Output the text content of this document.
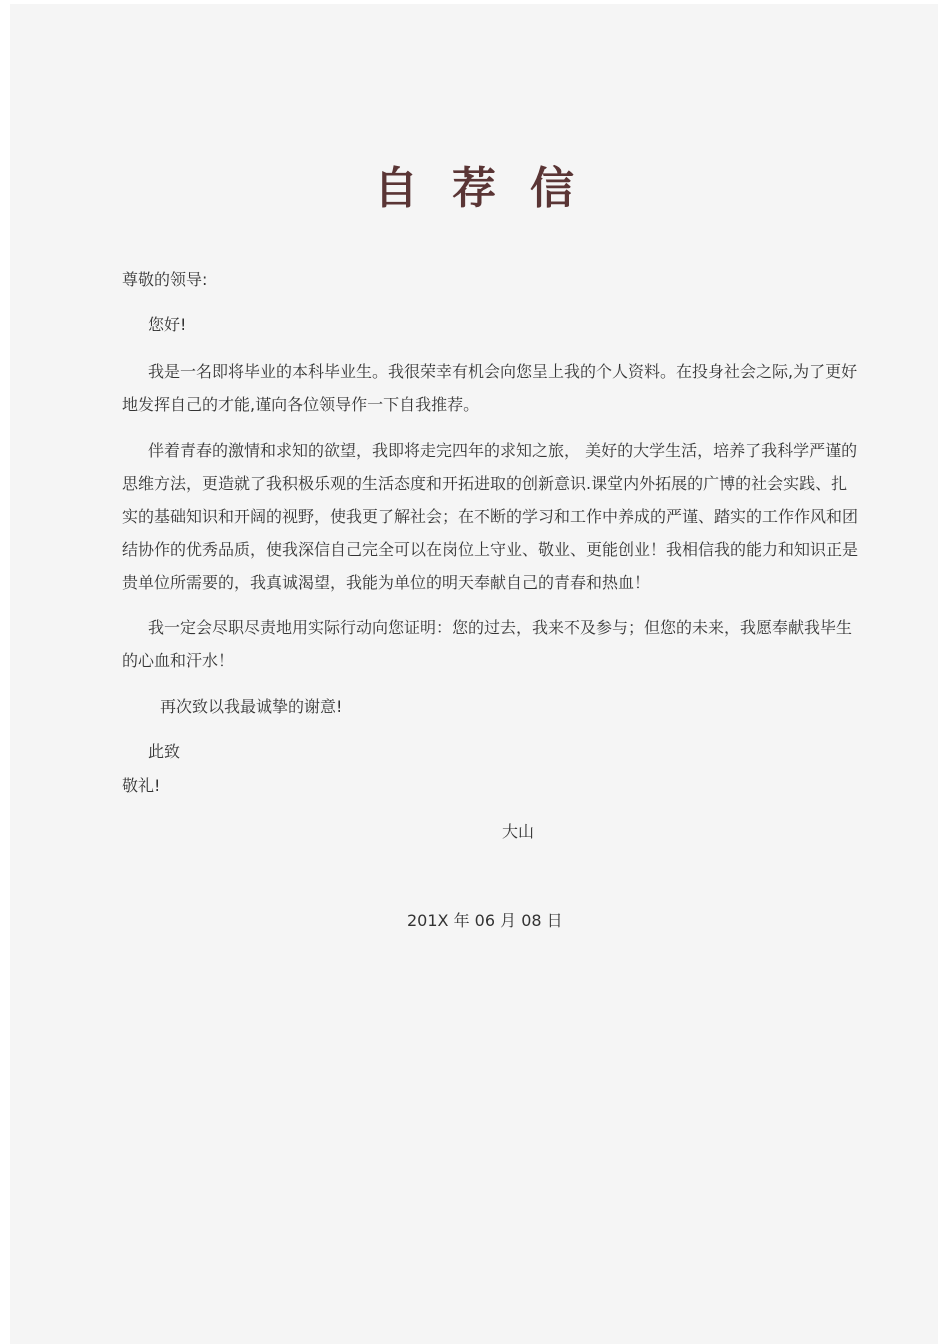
自荐信

尊敬的领导:

您好!

我是一名即将毕业的本科毕业生。我很荣幸有机会向您呈上我的个人资料。在投身社会之际,为了更好地发挥自己的才能,谨向各位领导作一下自我推荐。

伴着青春的激情和求知的欲望，我即将走完四年的求知之旅， 美好的大学生活，培养了我科学严谨的思维方法，更造就了我积极乐观的生活态度和开拓进取的创新意识.课堂内外拓展的广博的社会实践、扎实的基础知识和开阔的视野，使我更了解社会；在不断的学习和工作中养成的严谨、踏实的工作作风和团结协作的优秀品质，使我深信自己完全可以在岗位上守业、敬业、更能创业！我相信我的能力和知识正是贵单位所需要的，我真诚渴望，我能为单位的明天奉献自己的青春和热血！

我一定会尽职尽责地用实际行动向您证明：您的过去，我来不及参与；但您的未来，我愿奉献我毕生的心血和汗水！

再次致以我最诚挚的谢意!

此致

敬礼!

大山

201X 年 06 月 08 日
